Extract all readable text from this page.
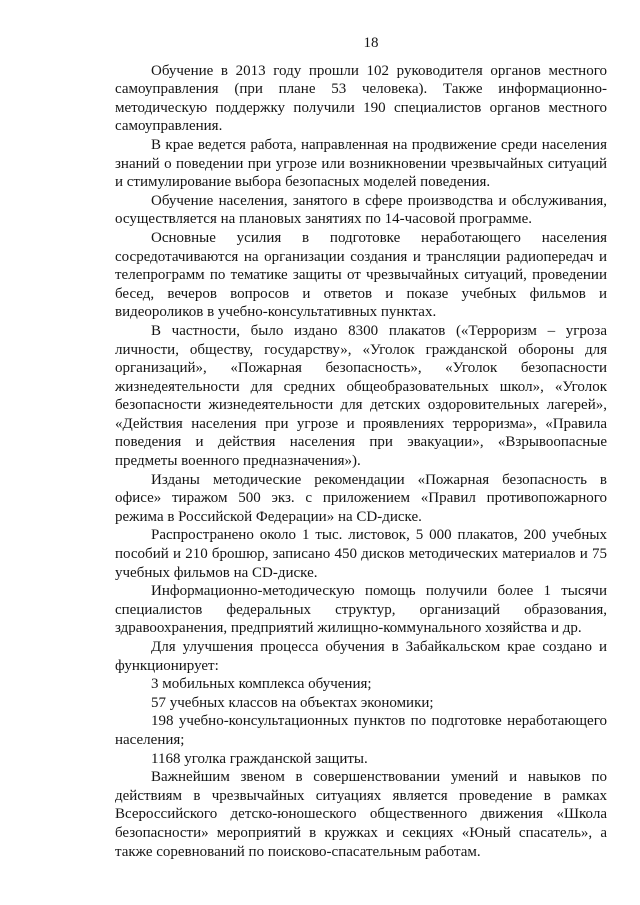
18

Обучение в 2013 году прошли 102 руководителя органов местного самоуправления (при плане 53 человека). Также информационно-методическую поддержку получили 190 специалистов органов местного самоуправления.

В крае ведется работа, направленная на продвижение среди населения знаний о поведении при угрозе или возникновении чрезвычайных ситуаций и стимулирование выбора безопасных моделей поведения.

Обучение населения, занятого в сфере производства и обслуживания, осуществляется на плановых занятиях по 14-часовой программе.

Основные усилия в подготовке неработающего населения сосредотачиваются на организации создания и трансляции радиопередач и телепрограмм по тематике защиты от чрезвычайных ситуаций, проведении бесед, вечеров вопросов и ответов и показе учебных фильмов и видеороликов в учебно-консультативных пунктах.

В частности, было издано 8300 плакатов («Терроризм – угроза личности, обществу, государству», «Уголок гражданской обороны для организаций», «Пожарная безопасность», «Уголок безопасности жизнедеятельности для средних общеобразовательных школ», «Уголок безопасности жизнедеятельности для детских оздоровительных лагерей», «Действия населения при угрозе и проявлениях терроризма», «Правила поведения и действия населения при эвакуации», «Взрывоопасные предметы военного предназначения»).

Изданы методические рекомендации «Пожарная безопасность в офисе» тиражом 500 экз. с приложением «Правил противопожарного режима в Российской Федерации» на CD-диске.

Распространено около 1 тыс. листовок, 5 000 плакатов, 200 учебных пособий и 210 брошюр, записано 450 дисков методических материалов и 75 учебных фильмов на CD-диске.

Информационно-методическую помощь получили более 1 тысячи специалистов федеральных структур, организаций образования, здравоохранения, предприятий жилищно-коммунального хозяйства и др.

Для улучшения процесса обучения в Забайкальском крае создано и функционирует:

3 мобильных комплекса обучения;

57 учебных классов на объектах экономики;

198 учебно-консультационных пунктов по подготовке неработающего населения;

1168 уголка гражданской защиты.

Важнейшим звеном в совершенствовании умений и навыков по действиям в чрезвычайных ситуациях является проведение в рамках Всероссийского детско-юношеского общественного движения «Школа безопасности» мероприятий в кружках и секциях «Юный спасатель», а также соревнований по поисково-спасательным работам.
